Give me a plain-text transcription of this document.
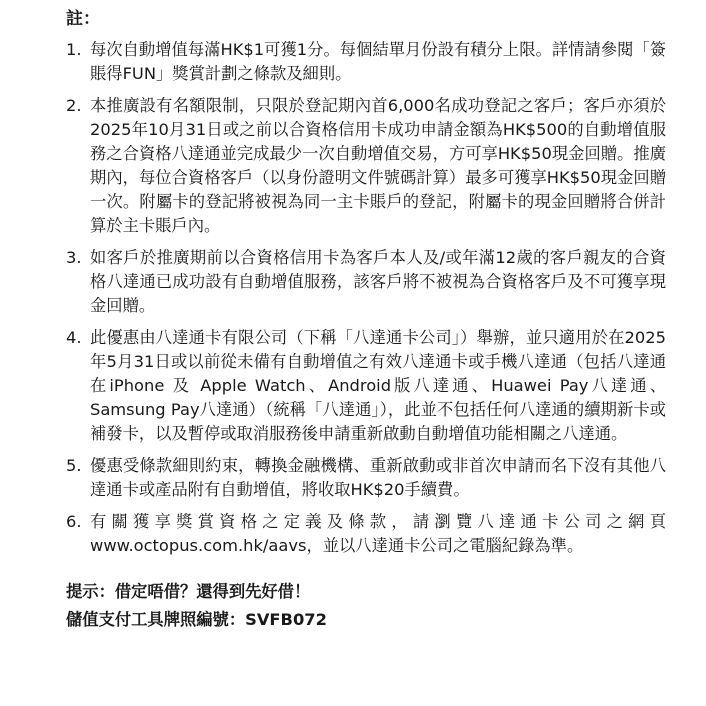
註：
1. 每次自動增值每滿HK$1可獲1分。每個結單月份設有積分上限。詳情請參閱「簽賬得FUN」獎賞計劃之條款及細則。
2. 本推廣設有名額限制，只限於登記期內首6,000名成功登記之客戶；客戶亦須於2025年10月31日或之前以合資格信用卡成功申請金額為HK$500的自動增值服務之合資格八達通並完成最少一次自動增值交易，方可享HK$50現金回贈。推廣期內，每位合資格客戶（以身份證明文件號碼計算）最多可獲享HK$50現金回贈一次。附屬卡的登記將被視為同一主卡賬戶的登記，附屬卡的現金回贈將合併計算於主卡賬戶內。
3. 如客戶於推廣期前以合資格信用卡為客戶本人及/或年滿12歲的客戶親友的合資格八達通已成功設有自動增值服務，該客戶將不被視為合資格客戶及不可獲享現金回贈。
4. 此優惠由八達通卡有限公司（下稱「八達通卡公司」）舉辦，並只適用於在2025年5月31日或以前從未備有自動增值之有效八達通卡或手機八達通（包括八達通在iPhone 及 Apple Watch、Android版八達通、Huawei Pay八達通、Samsung Pay八達通）（統稱「八達通」），此並不包括任何八達通的續期新卡或補發卡，以及暫停或取消服務後申請重新啟動自動增值功能相關之八達通。
5. 優惠受條款細則約束，轉換金融機構、重新啟動或非首次申請而名下沒有其他八達通卡或產品附有自動增值，將收取HK$20手續費。
6. 有關獲享獎賞資格之定義及條款，請瀏覽八達通卡公司之網頁www.octopus.com.hk/aavs，並以八達通卡公司之電腦紀錄為準。
提示：借定唔借？還得到先好借！
儲值支付工具牌照編號：SVFB072
